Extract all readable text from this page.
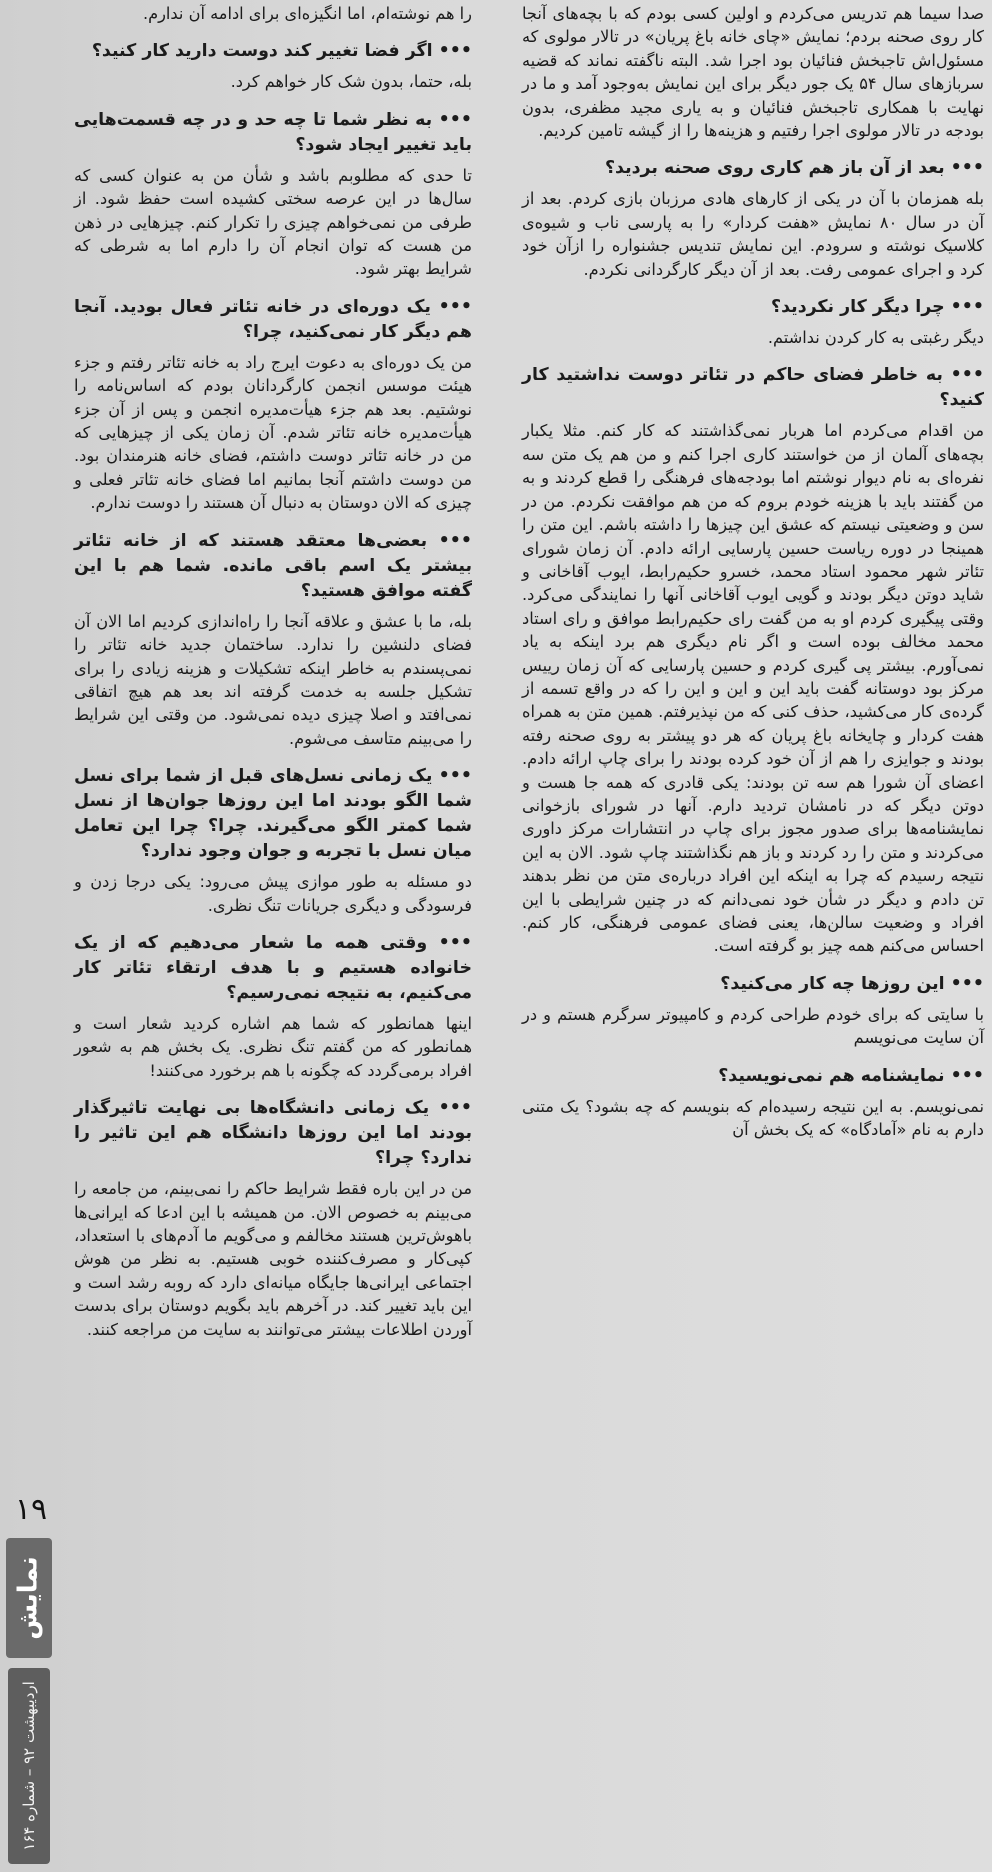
صدا سیما هم تدریس می‌کردم و اولین کسی بودم که با بچه‌های آنجا کار روی صحنه بردم؛ نمایش «چای خانه باغ پریان» در تالار مولوی که مسئول‌اش تاجبخش فنائیان بود اجرا شد. البته ناگفته نماند که قضیه سربازهای سال ۵۴ یک جور دیگر برای این نمایش به‌وجود آمد و ما در نهایت با همکاری تاجبخش فنائیان و به یاری مجید مظفری، بدون بودجه در تالار مولوی اجرا رفتیم و هزینه‌ها را از گیشه تامین کردیم.
••• بعد از آن باز هم کاری روی صحنه بردید؟
بله همزمان با آن در یکی از کارهای هادی مرزبان بازی کردم. بعد از آن در سال ۸۰ نمایش «هفت کردار» را به پارسی ناب و شیوه‌ی کلاسیک نوشته و سرودم. این نمایش تندیس جشنواره را ازآن خود کرد و اجرای عمومی رفت. بعد از آن دیگر کارگردانی نکردم.
••• چرا دیگر کار نکردید؟
دیگر رغبتی به کار کردن نداشتم.
••• به خاطر فضای حاکم در تئاتر دوست نداشتید کار کنید؟
من اقدام می‌کردم اما هربار نمی‌گذاشتند که کار کنم. مثلا یکبار بچه‌های آلمان از من خواستند کاری اجرا کنم و من هم یک متن سه نفره‌ای به نام دیوار نوشتم اما بودجه‌های فرهنگی را قطع کردند و به من گفتند باید با هزینه خودم بروم که من هم موافقت نکردم. من در سن و وضعیتی نیستم که عشق این چیزها را داشته باشم. این متن را همینجا در دوره ریاست حسین پارسایی ارائه دادم. آن زمان شورای تئاتر شهر محمود استاد محمد، خسرو حکیم‌رابط، ایوب آقاخانی و شاید دوتن دیگر بودند و گویی ایوب آقاخانی آنها را نمایندگی می‌کرد. وقتی پیگیری کردم او به من گفت رای حکیم‌رابط موافق و رای استاد محمد مخالف بوده است و اگر نام دیگری هم برد اینکه به یاد نمی‌آورم. بیشتر پی گیری کردم و حسین پارسایی که آن زمان رییس مرکز بود دوستانه گفت باید این و این و این را که در واقع تسمه از گرده‌ی کار می‌کشید، حذف کنی که من نپذیرفتم. همین متن به همراه هفت کردار و چایخانه باغ پریان که هر دو پیشتر به روی صحنه رفته بودند و جوایزی را هم از آن خود کرده بودند را برای چاپ ارائه دادم. اعضای آن شورا هم سه تن بودند: یکی قادری که همه جا هست و دوتن دیگر که در نامشان تردید دارم. آنها در شورای بازخوانی نمایشنامه‌ها برای صدور مجوز برای چاپ در انتشارات مرکز داوری می‌کردند و متن را رد کردند و باز هم نگذاشتند چاپ شود. الان به این نتیجه رسیدم که چرا به اینکه این افراد درباره‌ی متن من نظر بدهند تن دادم و دیگر در شأن خود نمی‌دانم که در چنین شرایطی با این افراد و وضعیت سالن‌ها، یعنی فضای عمومی فرهنگی، کار کنم. احساس می‌کنم همه چیز بو گرفته است.
••• این روزها چه کار می‌کنید؟
با سایتی که برای خودم طراحی کردم و کامپیوتر سرگرم هستم و در آن سایت می‌نویسم
••• نمایشنامه هم نمی‌نویسید؟
نمی‌نویسم. به این نتیجه رسیده‌ام که بنویسم که چه بشود؟ یک متنی دارم به نام «آمادگاه» که یک بخش آن
را هم نوشته‌ام، اما انگیزه‌ای برای ادامه آن ندارم.
••• اگر فضا تغییر کند دوست دارید کار کنید؟
بله، حتما، بدون شک کار خواهم کرد.
••• به نظر شما تا چه حد و در چه قسمت‌هایی باید تغییر ایجاد شود؟
تا حدی که مطلوبم باشد و شأن من به عنوان کسی که سال‌ها در این عرصه سختی کشیده است حفظ شود. از طرفی من نمی‌خواهم چیزی را تکرار کنم. چیزهایی در ذهن من هست که توان انجام آن را دارم اما به شرطی که شرایط بهتر شود.
••• یک دوره‌ای در خانه تئاتر فعال بودید. آنجا هم دیگر کار نمی‌کنید، چرا؟
من یک دوره‌ای به دعوت ایرج راد به خانه تئاتر رفتم و جزء هیئت موسس انجمن کارگردانان بودم که اساس‌نامه را نوشتیم. بعد هم جزء هیأت‌مدیره انجمن و پس از آن جزء هیأت‌مدیره خانه تئاتر شدم. آن زمان یکی از چیزهایی که من در خانه تئاتر دوست داشتم، فضای خانه هنرمندان بود. من دوست داشتم آنجا بمانیم اما فضای خانه تئاتر فعلی و چیزی که الان دوستان به دنبال آن هستند را دوست ندارم.
••• بعضی‌ها معتقد هستند که از خانه تئاتر بیشتر یک اسم باقی مانده. شما هم با این گفته موافق هستید؟
بله، ما با عشق و علاقه آنجا را راه‌اندازی کردیم اما الان آن فضای دلنشین را ندارد. ساختمان جدید خانه تئاتر را نمی‌پسندم به خاطر اینکه تشکیلات و هزینه زیادی را برای تشکیل جلسه به خدمت گرفته اند بعد هم هیچ اتفاقی نمی‌افتد و اصلا چیزی دیده نمی‌شود. من وقتی این شرایط را می‌بینم متاسف می‌شوم.
••• یک زمانی نسل‌های قبل از شما برای نسل شما الگو بودند اما این روزها جوان‌ها از نسل شما کمتر الگو می‌گیرند. چرا؟ چرا این تعامل میان نسل با تجربه و جوان وجود ندارد؟
دو مسئله به طور موازی پیش می‌رود: یکی درجا زدن و فرسودگی و دیگری جریانات تنگ نظری.
••• وقتی همه ما شعار می‌دهیم که از یک خانواده هستیم و با هدف ارتقاء تئاتر کار می‌کنیم، به نتیجه نمی‌رسیم؟
اینها همانطور که شما هم اشاره کردید شعار است و همانطور که من گفتم تنگ نظری. یک بخش هم به شعور افراد برمی‌گردد که چگونه با هم برخورد می‌کنند!
••• یک زمانی دانشگاه‌ها بی نهایت تاثیرگذار بودند اما این روزها دانشگاه هم این تاثیر را ندارد؟ چرا؟
من در این باره فقط شرایط حاکم را نمی‌بینم، من جامعه را می‌بینم به خصوص الان. من همیشه با این ادعا که ایرانی‌ها باهوش‌ترین هستند مخالفم و می‌گویم ما آدم‌های با استعداد، کپی‌کار و مصرف‌کننده خوبی هستیم. به نظر من هوش اجتماعی ایرانی‌ها جایگاه میانه‌ای دارد که روبه رشد است و این باید تغییر کند. در آخرهم باید بگویم دوستان برای بدست آوردن اطلاعات بیشتر می‌توانند به سایت من مراجعه کنند.
۱۹
نمایش
اردیبهشت ۹۲ – شماره ۱۶۴
